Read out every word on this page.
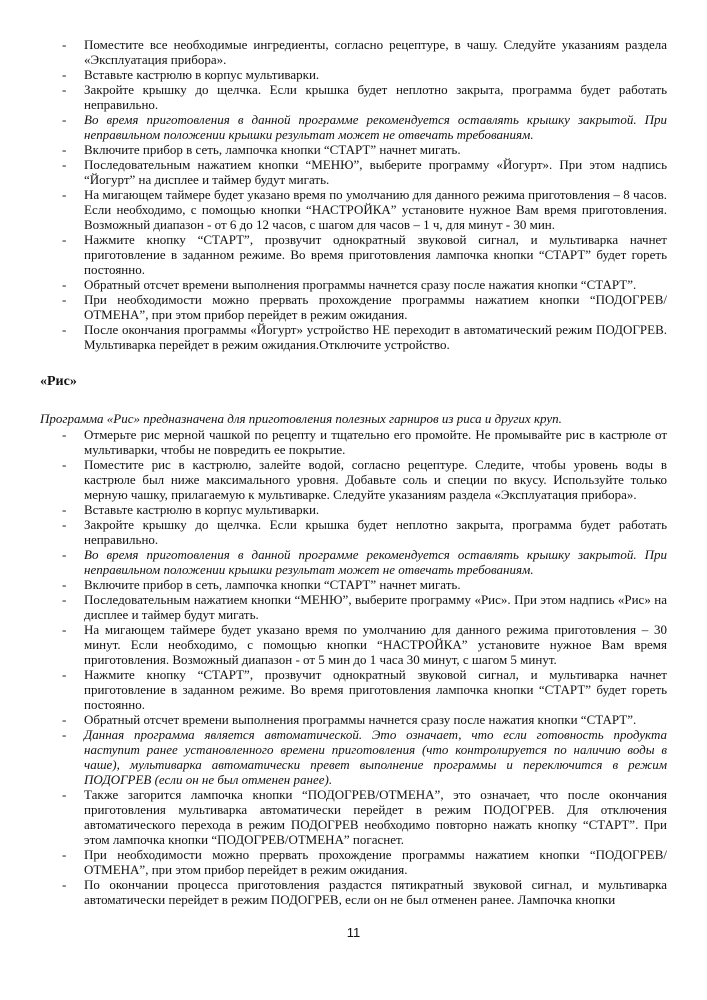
- Поместите все необходимые ингредиенты, согласно рецептуре, в чашу. Следуйте указаниям раздела «Эксплуатация прибора».
- Вставьте кастрюлю в корпус мультиварки.
- Закройте крышку до щелчка. Если крышка будет неплотно закрыта, программа будет работать неправильно.
- Во время приготовления в данной программе рекомендуется оставлять крышку закрытой. При неправильном положении крышки результат может не отвечать требованиям.
- Включите прибор в сеть, лампочка кнопки “СТАРТ” начнет мигать.
- Последовательным нажатием кнопки “МЕНЮ”, выберите программу «Йогурт». При этом надпись “Йогурт” на дисплее и таймер будут мигать.
- На мигающем таймере будет указано время по умолчанию для данного режима приготовления – 8 часов. Если необходимо, с помощью кнопки “НАСТРОЙКА” установите нужное Вам время приготовления. Возможный диапазон - от 6 до 12 часов, с шагом для часов – 1 ч, для минут - 30 мин.
- Нажмите кнопку “СТАРТ”, прозвучит однократный звуковой сигнал, и мультиварка начнет приготовление в заданном режиме. Во время приготовления лампочка кнопки “СТАРТ” будет гореть постоянно.
- Обратный отсчет времени выполнения программы начнется сразу после нажатия кнопки “СТАРТ”.
- При необходимости можно прервать прохождение программы нажатием кнопки “ПОДОГРЕВ/ ОТМЕНА”, при этом прибор перейдет в режим ожидания.
- После окончания программы «Йогурт» устройство НЕ переходит в автоматический режим ПОДОГРЕВ. Мультиварка перейдет в режим ожидания.Отключите устройство.
«Рис»
Программа «Рис» предназначена для приготовления полезных гарниров из риса и других круп.
- Отмерьте рис мерной чашкой по рецепту и тщательно его промойте. Не промывайте рис в кастрюле от мультиварки, чтобы не повредить ее покрытие.
- Поместите рис в кастрюлю, залейте водой, согласно рецептуре. Следите, чтобы уровень воды в кастрюле был ниже максимального уровня. Добавьте соль и специи по вкусу. Используйте только мерную чашку, прилагаемую к мультиварке. Следуйте указаниям раздела «Эксплуатация прибора».
- Вставьте кастрюлю в корпус мультиварки.
- Закройте крышку до щелчка. Если крышка будет неплотно закрыта, программа будет работать неправильно.
- Во время приготовления в данной программе рекомендуется оставлять крышку закрытой. При неправильном положении крышки результат может не отвечать требованиям.
- Включите прибор в сеть, лампочка кнопки “СТАРТ” начнет мигать.
- Последовательным нажатием кнопки “МЕНЮ”, выберите программу «Рис». При этом надпись «Рис» на дисплее и таймер будут мигать.
- На мигающем таймере будет указано время по умолчанию для данного режима приготовления – 30 минут. Если необходимо, с помощью кнопки “НАСТРОЙКА” установите нужное Вам время приготовления. Возможный диапазон - от 5 мин до 1 часа 30 минут, с шагом 5 минут.
- Нажмите кнопку “СТАРТ”, прозвучит однократный звуковой сигнал, и мультиварка начнет приготовление в заданном режиме. Во время приготовления лампочка кнопки “СТАРТ” будет гореть постоянно.
- Обратный отсчет времени выполнения программы начнется сразу после нажатия кнопки “СТАРТ”.
- Данная программа является автоматической. Это означает, что если готовность продукта наступит ранее установленного времени приготовления (что контролируется по наличию воды в чаше), мультиварка автоматически превет выполнение программы и переключится в режим ПОДОГРЕВ (если он не был отменен ранее).
- Также загорится лампочка кнопки “ПОДОГРЕВ/ОТМЕНА”, это означает, что после окончания приготовления мультиварка автоматически перейдет в режим ПОДОГРЕВ. Для отключения автоматического перехода в режим ПОДОГРЕВ необходимо повторно нажать кнопку “СТАРТ”. При этом лампочка кнопки “ПОДОГРЕВ/ОТМЕНА” погаснет.
- При необходимости можно прервать прохождение программы нажатием кнопки “ПОДОГРЕВ/ ОТМЕНА”, при этом прибор перейдет в режим ожидания.
- По окончании процесса приготовления раздастся пятикратный звуковой сигнал, и мультиварка автоматически перейдет в режим ПОДОГРЕВ, если он не был отменен ранее. Лампочка кнопки
11
